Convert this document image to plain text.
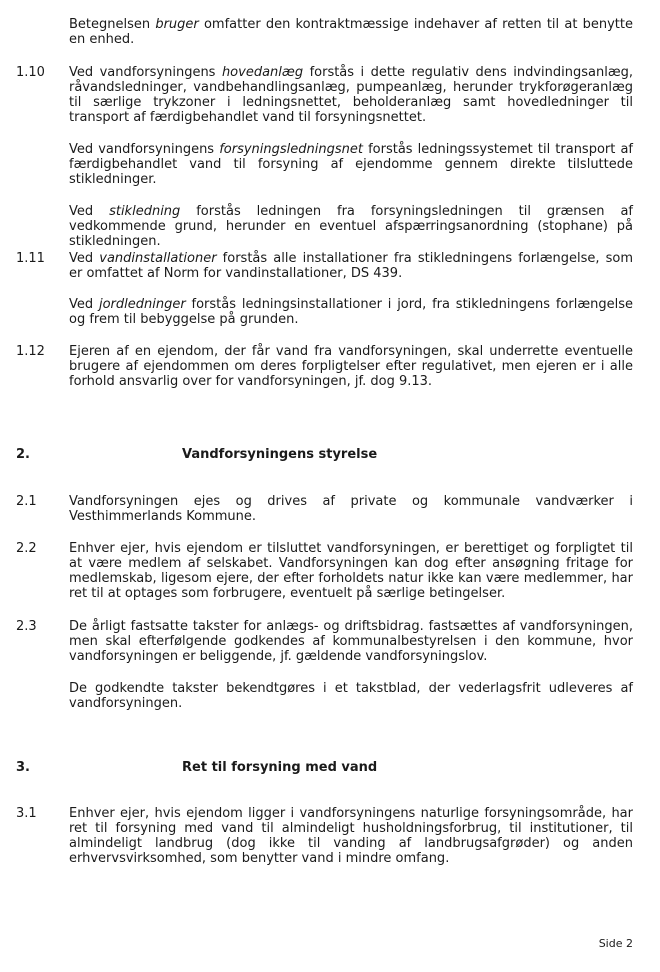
Betegnelsen bruger omfatter den kontraktmæssige indehaver af retten til at benytte en enhed.

1.10 Ved vandforsyningens hovedanlæg forstås i dette regulativ dens indvindingsanlæg, råvandsledninger, vandbehandlingsanlæg, pumpeanlæg, herunder trykforøgeranlæg til særlige trykzoner i ledningsnettet, beholderanlæg samt hovedledninger til transport af færdigbehandlet vand til forsyningsnettet.

Ved vandforsyningens forsyningsledningsnet forstås ledningssystemet til transport af færdigbehandlet vand til forsyning af ejendomme gennem direkte tilsluttede stikledninger.

Ved stikledning forstås ledningen fra forsyningsledningen til grænsen af vedkommende grund, herunder en eventuel afspærringsanordning (stophane) på stikledningen.

1.11 Ved vandinstallationer forstås alle installationer fra stikledningens forlængelse, som er omfattet af Norm for vandinstallationer, DS 439.

Ved jordledninger forstås ledningsinstallationer i jord, fra stikledningens forlængelse og frem til bebyggelse på grunden.

1.12 Ejeren af en ejendom, der får vand fra vandforsyningen, skal underrette eventuelle brugere af ejendommen om deres forpligtelser efter regulativet, men ejeren er i alle forhold ansvarlig over for vandforsyningen, jf. dog 9.13.

2.	Vandforsyningens styrelse

2.1 Vandforsyningen ejes og drives af private og kommunale vandværker i Vesthimmerlands Kommune.

2.2 Enhver ejer, hvis ejendom er tilsluttet vandforsyningen, er berettiget og forpligtet til at være medlem af selskabet. Vandforsyningen kan dog efter ansøgning fritage for medlemskab, ligesom ejere, der efter forholdets natur ikke kan være medlemmer, har ret til at optages som forbrugere, eventuelt på særlige betingelser.

2.3 De årligt fastsatte takster for anlægs- og driftsbidrag. fastsættes af vandforsyningen, men skal efterfølgende godkendes af kommunalbestyrelsen i den kommune, hvor vandforsyningen er beliggende, jf. gældende vandforsyningslov.

De godkendte takster bekendtgøres i et takstblad, der vederlagsfrit udleveres af vandforsyningen.

3.	Ret til forsyning med vand

3.1 Enhver ejer, hvis ejendom ligger i vandforsyningens naturlige forsyningsområde, har ret til forsyning med vand til almindeligt husholdningsforbrug, til institutioner, til almindeligt landbrug (dog ikke til vanding af landbrugsafgrøder) og anden erhvervsvirksomhed, som benytter vand i mindre omfang.

Side 2
